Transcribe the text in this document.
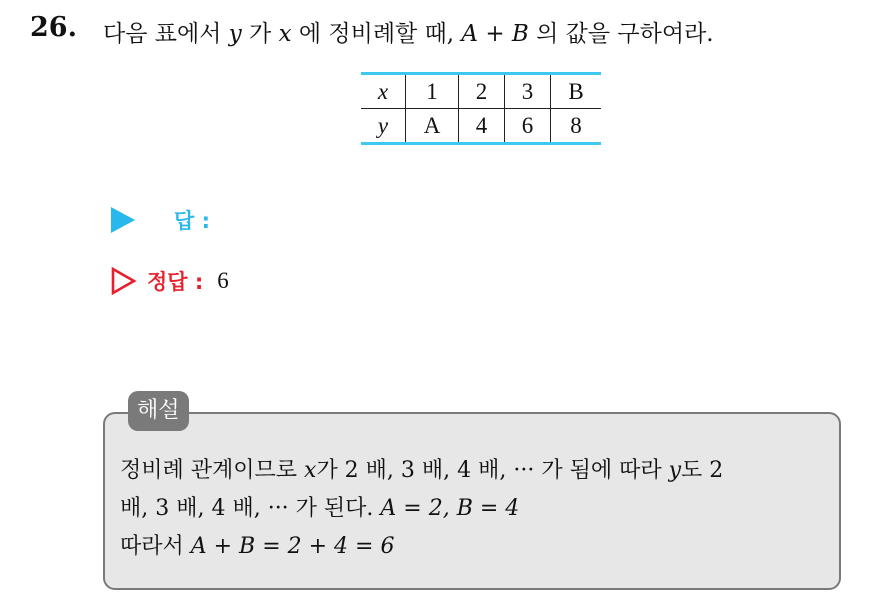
26. 다음 표에서 y 가 x 에 정비례할 때, A + B 의 값을 구하여라.
x	1	2	3	B
y	A	4	6	8
답 :
정답 : 6
해설
정비례 관계이므로 x가 2 배, 3 배, 4 배, ··· 가 됨에 따라 y도 2
배, 3 배, 4 배, ··· 가 된다. A = 2, B = 4
따라서 A + B = 2 + 4 = 6
